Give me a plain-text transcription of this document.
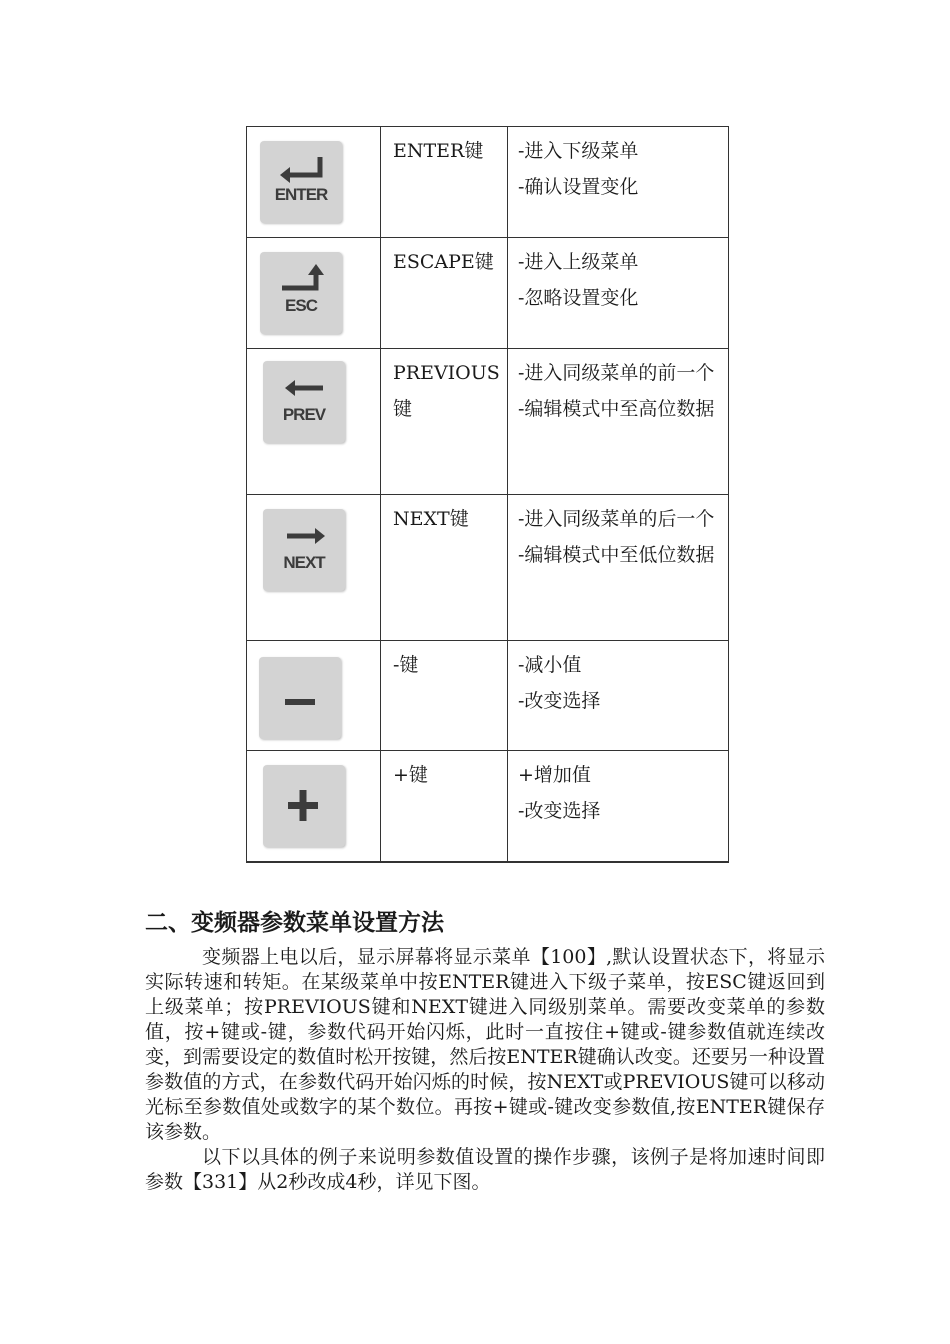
ENTER	ENTER键	-进入下级菜单
-确认设置变化

ESC	ESCAPE键	-进入上级菜单
-忽略设置变化

PREV	PREVIOUS键	-进入同级菜单的前一个
-编辑模式中至高位数据

NEXT	NEXT键	-进入同级菜单的后一个
-编辑模式中至低位数据

	-键	-减小值
-改变选择

	+键	+增加值
-改变选择
二、变频器参数菜单设置方法

变频器上电以后，显示屏幕将显示菜单【100】,默认设置状态下，将显示实际转速和转矩。在某级菜单中按ENTER键进入下级子菜单，按ESC键返回到上级菜单；按PREVIOUS键和NEXT键进入同级别菜单。需要改变菜单的参数值，按+键或-键，参数代码开始闪烁，此时一直按住+键或-键参数值就连续改变，到需要设定的数值时松开按键，然后按ENTER键确认改变。还要另一种设置参数值的方式，在参数代码开始闪烁的时候，按NEXT或PREVIOUS键可以移动光标至参数值处或数字的某个数位。再按+键或-键改变参数值,按ENTER键保存该参数。

以下以具体的例子来说明参数值设置的操作步骤，该例子是将加速时间即参数【331】从2秒改成4秒，详见下图。
